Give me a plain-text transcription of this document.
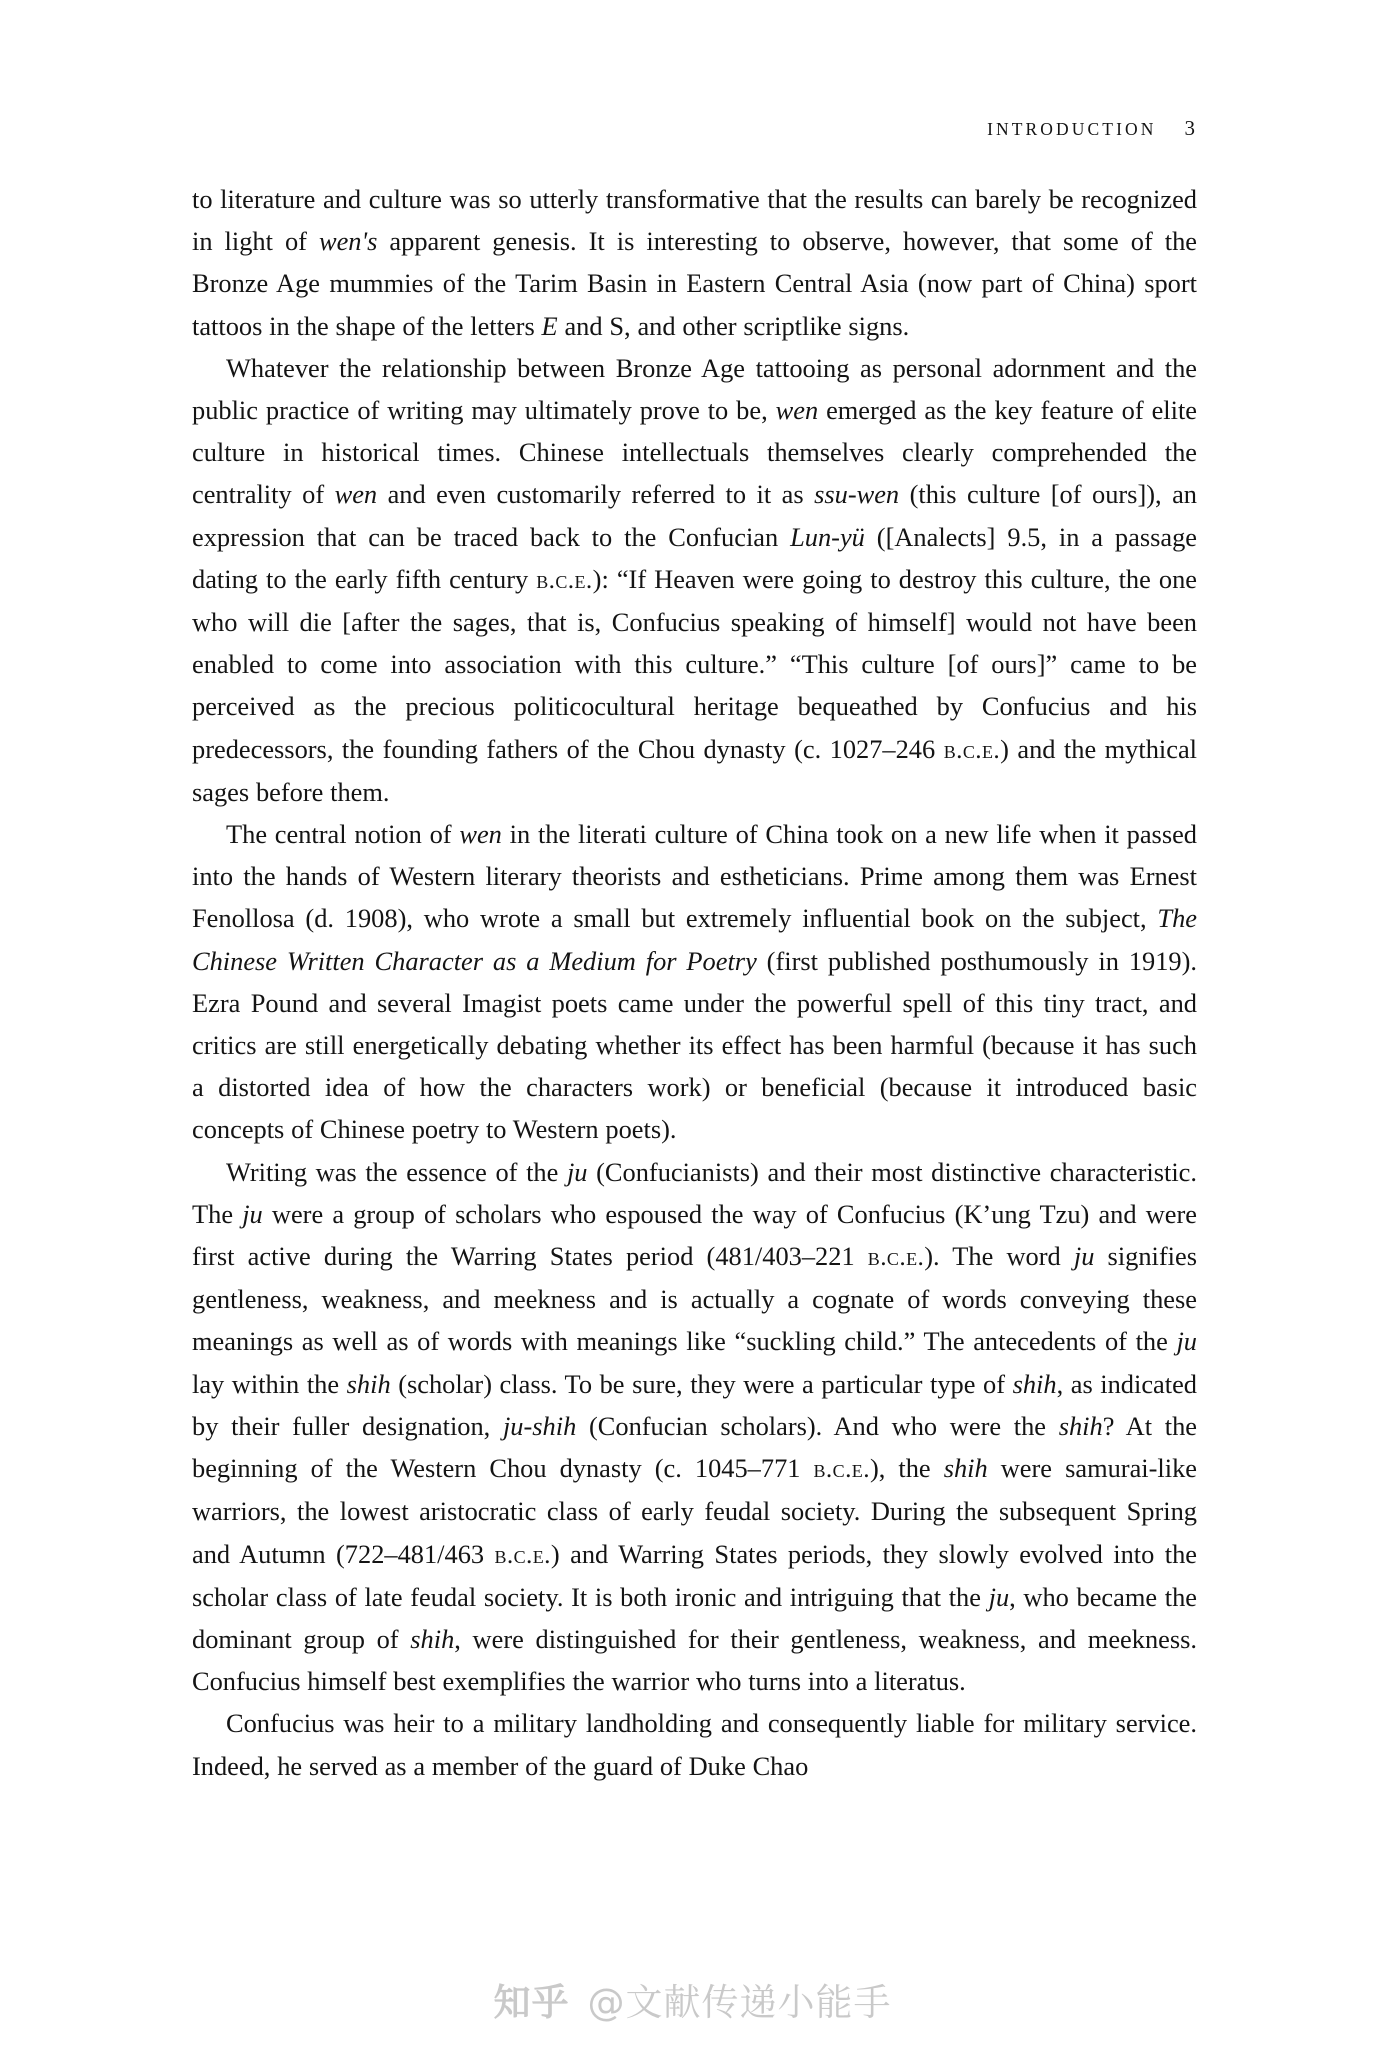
INTRODUCTION 3

to literature and culture was so utterly transformative that the results can barely be recognized in light of wen's apparent genesis. It is interesting to observe, however, that some of the Bronze Age mummies of the Tarim Basin in Eastern Central Asia (now part of China) sport tattoos in the shape of the letters E and S, and other scriptlike signs.

Whatever the relationship between Bronze Age tattooing as personal adornment and the public practice of writing may ultimately prove to be, wen emerged as the key feature of elite culture in historical times. Chinese intellectuals themselves clearly comprehended the centrality of wen and even customarily referred to it as ssu-wen (this culture [of ours]), an expression that can be traced back to the Confucian Lun-yü ([Analects] 9.5, in a passage dating to the early fifth century b.c.e.): “If Heaven were going to destroy this culture, the one who will die [after the sages, that is, Confucius speaking of himself] would not have been enabled to come into association with this culture.” “This culture [of ours]” came to be perceived as the precious politicocultural heritage bequeathed by Confucius and his predecessors, the founding fathers of the Chou dynasty (c. 1027–246 b.c.e.) and the mythical sages before them.

The central notion of wen in the literati culture of China took on a new life when it passed into the hands of Western literary theorists and estheticians. Prime among them was Ernest Fenollosa (d. 1908), who wrote a small but extremely influential book on the subject, The Chinese Written Character as a Medium for Poetry (first published posthumously in 1919). Ezra Pound and several Imagist poets came under the powerful spell of this tiny tract, and critics are still energetically debating whether its effect has been harmful (because it has such a distorted idea of how the characters work) or beneficial (because it introduced basic concepts of Chinese poetry to Western poets).

Writing was the essence of the ju (Confucianists) and their most distinctive characteristic. The ju were a group of scholars who espoused the way of Confucius (K’ung Tzu) and were first active during the Warring States period (481/403–221 b.c.e.). The word ju signifies gentleness, weakness, and meekness and is actually a cognate of words conveying these meanings as well as of words with meanings like “suckling child.” The antecedents of the ju lay within the shih (scholar) class. To be sure, they were a particular type of shih, as indicated by their fuller designation, ju-shih (Confucian scholars). And who were the shih? At the beginning of the Western Chou dynasty (c. 1045–771 b.c.e.), the shih were samurai-like warriors, the lowest aristocratic class of early feudal society. During the subsequent Spring and Autumn (722–481/463 b.c.e.) and Warring States periods, they slowly evolved into the scholar class of late feudal society. It is both ironic and intriguing that the ju, who became the dominant group of shih, were distinguished for their gentleness, weakness, and meekness. Confucius himself best exemplifies the warrior who turns into a literatus.

Confucius was heir to a military landholding and consequently liable for military service. Indeed, he served as a member of the guard of Duke Chao

知乎 @文献传递小能手
